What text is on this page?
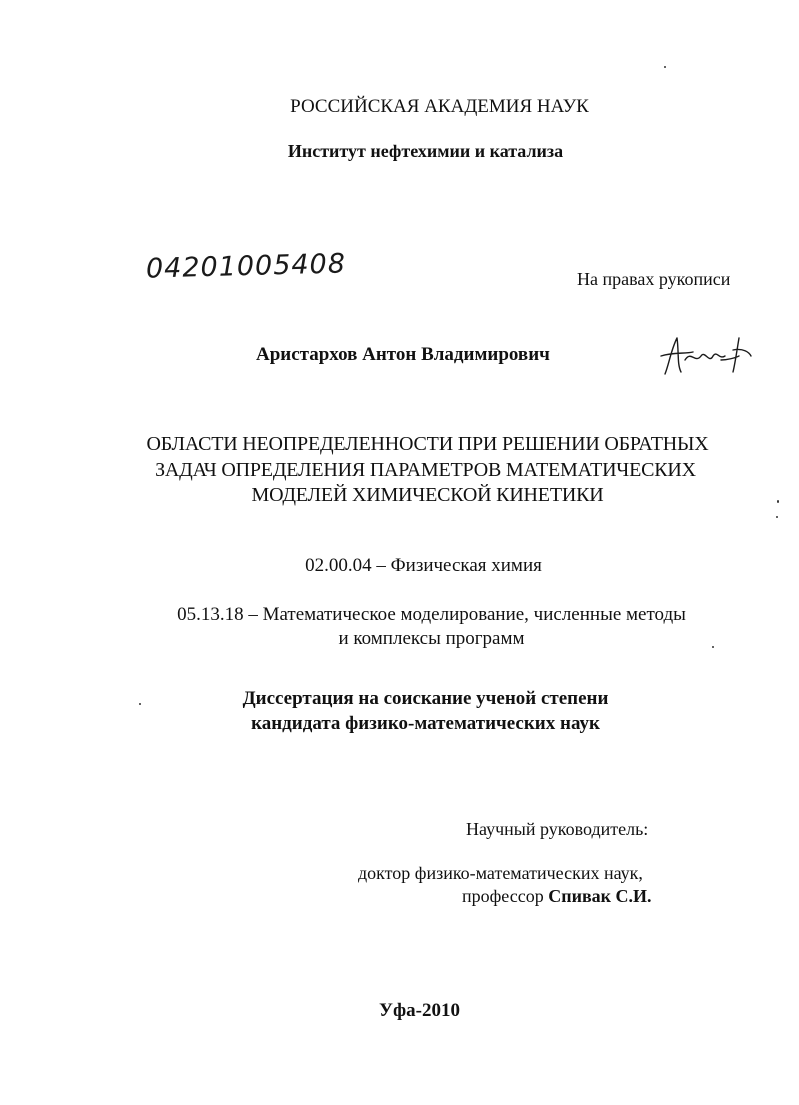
РОССИЙСКАЯ АКАДЕМИЯ НАУК
Институт нефтехимии и катализа
04201005408	На правах рукописи
Аристархов Антон Владимирович
ОБЛАСТИ НЕОПРЕДЕЛЕННОСТИ ПРИ РЕШЕНИИ ОБРАТНЫХ
ЗАДАЧ ОПРЕДЕЛЕНИЯ ПАРАМЕТРОВ МАТЕМАТИЧЕСКИХ
МОДЕЛЕЙ ХИМИЧЕСКОЙ КИНЕТИКИ
02.00.04 – Физическая химия
05.13.18 – Математическое моделирование, численные методы
и комплексы программ
Диссертация на соискание ученой степени
кандидата физико-математических наук
Научный руководитель:
доктор физико-математических наук,
профессор Спивак С.И.
Уфа-2010
